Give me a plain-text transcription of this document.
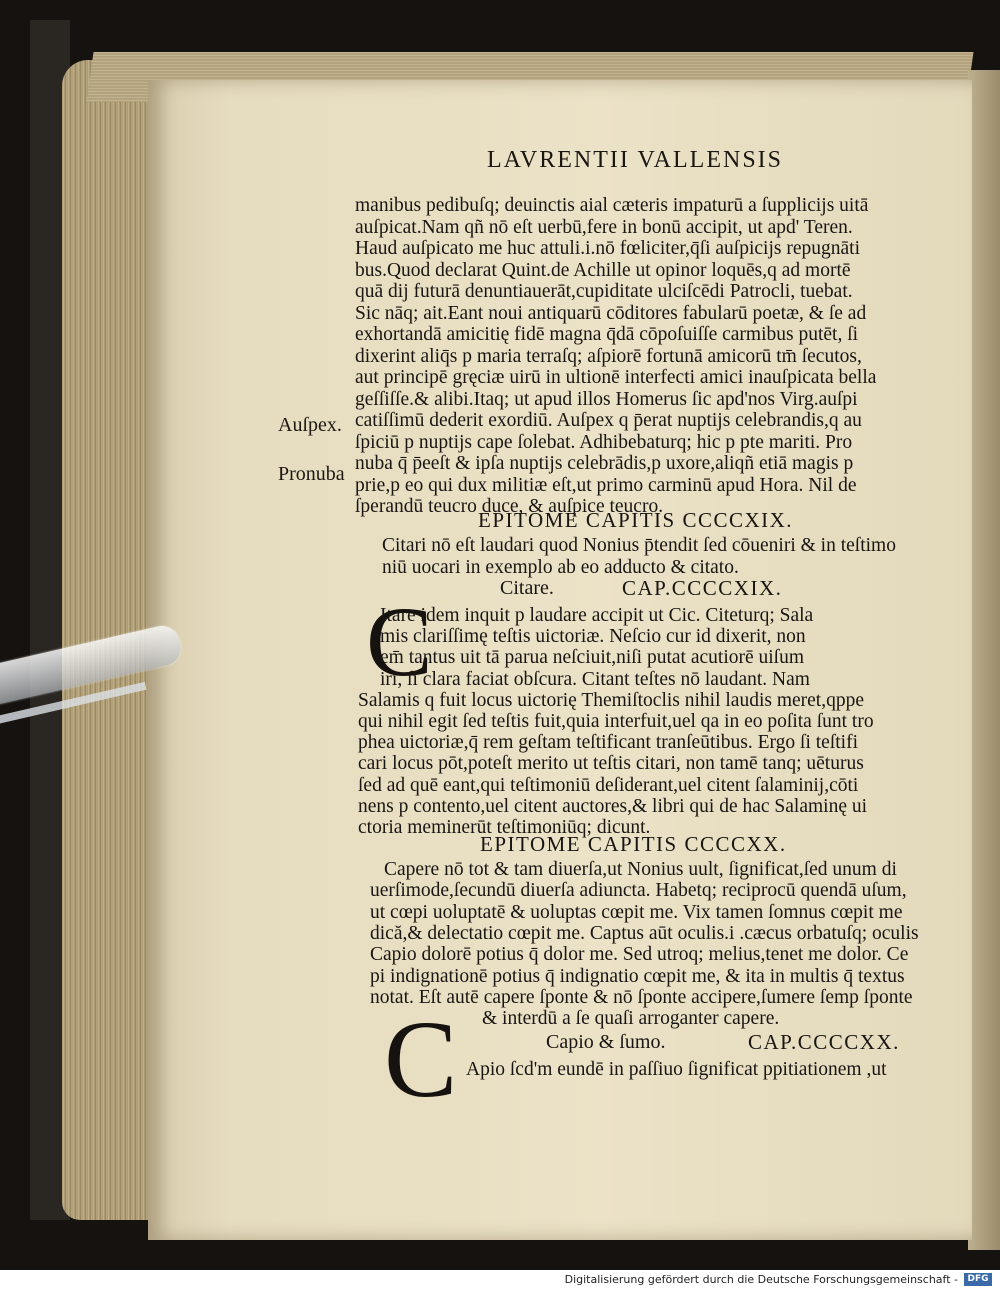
LAVRENTII VALLENSIS
Auſpex.
Pronuba
manibus pedibuſq; deuinctis aial cæteris impaturū a ſupplicijs uitā
auſpicat.Nam qñ nō eſt uerbū,fere in bonū accipit, ut apd' Teren.
Haud auſpicato me huc attuli.i.nō fœliciter,q̄ſi auſpicijs repugnāti
bus.Quod declarat Quint.de Achille ut opinor loquēs,q ad mortē
quā dij futurā denuntiauerāt,cupiditate ulciſcēdi Patrocli, tuebat.
Sic nāq; ait.Eant noui antiquarū cōditores fabularū poetæ, & ſe ad
exhortandā amicitię fidē magna q̄dā cōpoſuiſſe carmibus putēt, ſi
dixerint aliq̄s p maria terraſq; aſpiorē fortunā amicorū tm̄ ſecutos,
aut principē gręciæ uirū in ultionē interfecti amici inauſpicata bella
geſſiſſe.& alibi.Itaq; ut apud illos Homerus ſic apd'nos Virg.auſpi
catiſſimū dederit exordiū. Auſpex q p̄erat nuptijs celebrandis,q au
ſpiciū p nuptijs cape ſolebat. Adhibebaturq; hic p pte mariti. Pro
nuba q̄ p̄eeſt & ipſa nuptijs celebrādis,p uxore,aliqñ etiā magis p
prie,p eo qui dux militiæ eſt,ut primo carminū apud Hora. Nil de
ſperandū teucro duce, & auſpice teucro.
EPITOME CAPITIS CCCCXIX.
Citari nō eſt laudari quod Nonius p̄tendit ſed cōueniri & in teſtimo
niū uocari in exemplo ab eo adducto & citato.
Citare.	CAP.CCCCXIX.
C
Itare idem inquit p laudare accipit ut Cic. Citeturq; Sala
mis clariſſimę teſtis uictoriæ. Neſcio cur id dixerit, non
em̄ tantus uit tā parua neſciuit,niſi putat acutiorē uiſum
iri, ſi clara faciat obſcura. Citant teſtes nō laudant. Nam
Salamis q fuit locus uictorię Themiſtoclis nihil laudis meret,qppe
qui nihil egit ſed teſtis fuit,quia interfuit,uel qa in eo poſita ſunt tro
phea uictoriæ,q̄ rem geſtam teſtificant tranſeūtibus. Ergo ſi teſtifi
cari locus pōt,poteſt merito ut teſtis citari, non tamē tanq; uēturus
ſed ad quē eant,qui teſtimoniū deſiderant,uel citent ſalaminij,cōti
nens p contento,uel citent auctores,& libri qui de hac Salaminę ui
ctoria meminerūt teſtimoniūq; dicunt.
EPITOME CAPITIS CCCCXX.
Capere nō tot & tam diuerſa,ut Nonius uult, ſignificat,ſed unum di
uerſimode,ſecundū diuerſa adiuncta. Habetq; reciprocū quendā uſum,
ut cœpi uoluptatē & uoluptas cœpit me. Vix tamen ſomnus cœpit me
dică,& delectatio cœpit me. Captus aūt oculis.i .cæcus orbatuſq; oculis
Capio dolorē potius q̄ dolor me. Sed utroq; melius,tenet me dolor. Ce
pi indignationē potius q̄ indignatio cœpit me, & ita in multis q̄ textus
notat. Eſt autē capere ſponte & nō ſponte accipere,ſumere ſemp ſponte
& interdū a ſe quaſi arroganter capere.
C	Capio & ſumo.	CAP.CCCCXX.
Apio ſcd'm eundē in paſſiuo ſignificat ppitiationem ,ut
Digitalisierung gefördert durch die Deutsche Forschungsgemeinschaft -	DFG
